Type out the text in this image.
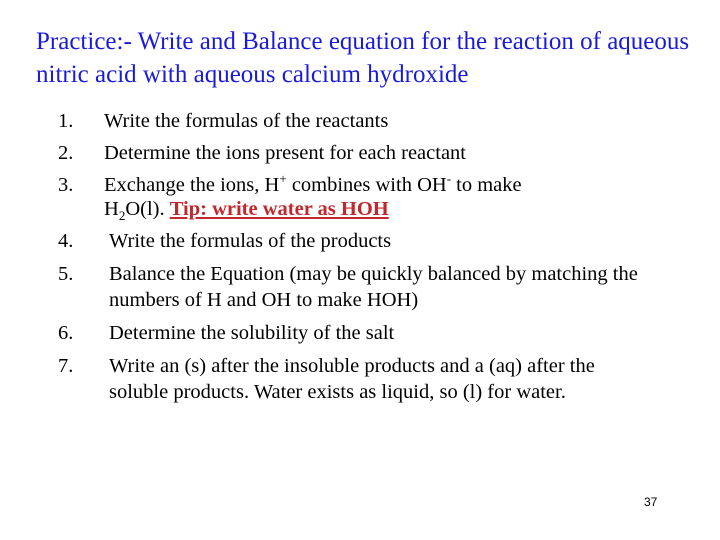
Practice:- Write and Balance equation for the reaction of aqueous nitric acid with aqueous calcium hydroxide
1. Write the formulas of the reactants
2. Determine the ions present for each reactant
3. Exchange the ions, H+ combines with OH- to make
$H_2O(l)$. Tip: write water as HOH
4. Write the formulas of the products
5. Balance the Equation (may be quickly balanced by matching the numbers of H and OH to make HOH)
6. Determine the solubility of the salt
7. Write an (s) after the insoluble products and a (aq) after the soluble products. Water exists as liquid, so (l) for water.
37
